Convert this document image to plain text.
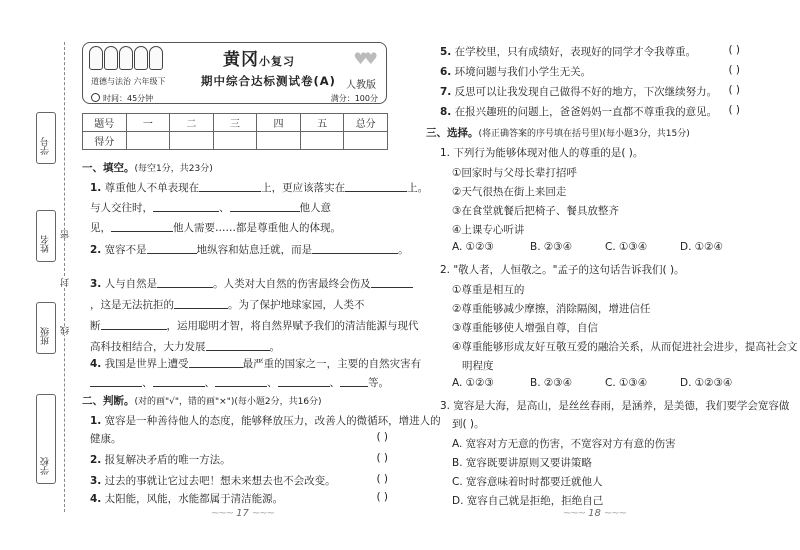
学号
姓名
班级
学校
密
封
线
黄冈小复习	♥♥
道德与法治 六年级下	期中综合达标测试卷(A) 人教版
时间：45分钟	满分：100分
题号	一	二	三	四	五	总分
得分						
一、填空。(每空1分，共23分)
1. 尊重他人不单表现在	上，更应该落实在	上。
与人交往时，	、	他人意
见，	他人需要……都是尊重他人的体现。
2. 宽容不是	地纵容和姑息迁就，而是	。
3. 人与自然是	。人类对大自然的伤害最终会伤及
，这是无法抗拒的	。为了保护地球家园，人类不
断	，运用聪明才智，将自然界赋予我们的清洁能源与现代
高科技相结合，大力发展	。
4. 我国是世界上遭受	最严重的国家之一，主要的自然灾害有
、	、	、	、	等。
二、判断。(对的画"√"，错的画"×")(每小题2分，共16分)
1. 宽容是一种善待他人的态度，能够释放压力，改善人的微循环，增进人的
健康。	( )
2. 报复解决矛盾的唯一方法。	( )
3. 过去的事就让它过去吧！想未来想去也不会改变。	( )
4. 太阳能，风能，水能都属于清洁能源。	( )
~~~ 17 ~~~
5. 在学校里，只有成绩好，表现好的同学才令我尊重。	( )
6. 环境问题与我们小学生无关。	( )
7. 反思可以让我发现自己做得不好的地方，下次继续努力。 ( )
8. 在报兴趣班的问题上，爸爸妈妈一直都不尊重我的意见。 ( )
三、选择。(将正确答案的序号填在括号里)(每小题3分，共15分)
1. 下列行为能够体现对他人的尊重的是( )。
①回家时与父母长辈打招呼
②天气很热在街上来回走
③在食堂就餐后把椅子、餐具放整齐
④上课专心听讲
A. ①②③	B. ②③④	C. ①③④	D. ①②④
2. "敬人者，人恒敬之。"孟子的这句话告诉我们( )。
①尊重是相互的
②尊重能够减少摩擦，消除隔阂，增进信任
③尊重能够使人增强自尊，自信
④尊重能够形成友好互敬互爱的融洽关系，从而促进社会进步，提高社会文
明程度
A. ①②③	B. ②③④	C. ①③④	D. ①②③④
3. 宽容是大海，是高山，是丝丝春雨，是涵养，是美德，我们要学会宽容做
到( )。
A. 宽容对方无意的伤害，不宽容对方有意的伤害
B. 宽容既要讲原则又要讲策略
C. 宽容意味着时时都要迁就他人
D. 宽容自己就是拒绝，拒绝自己
~~~ 18 ~~~
